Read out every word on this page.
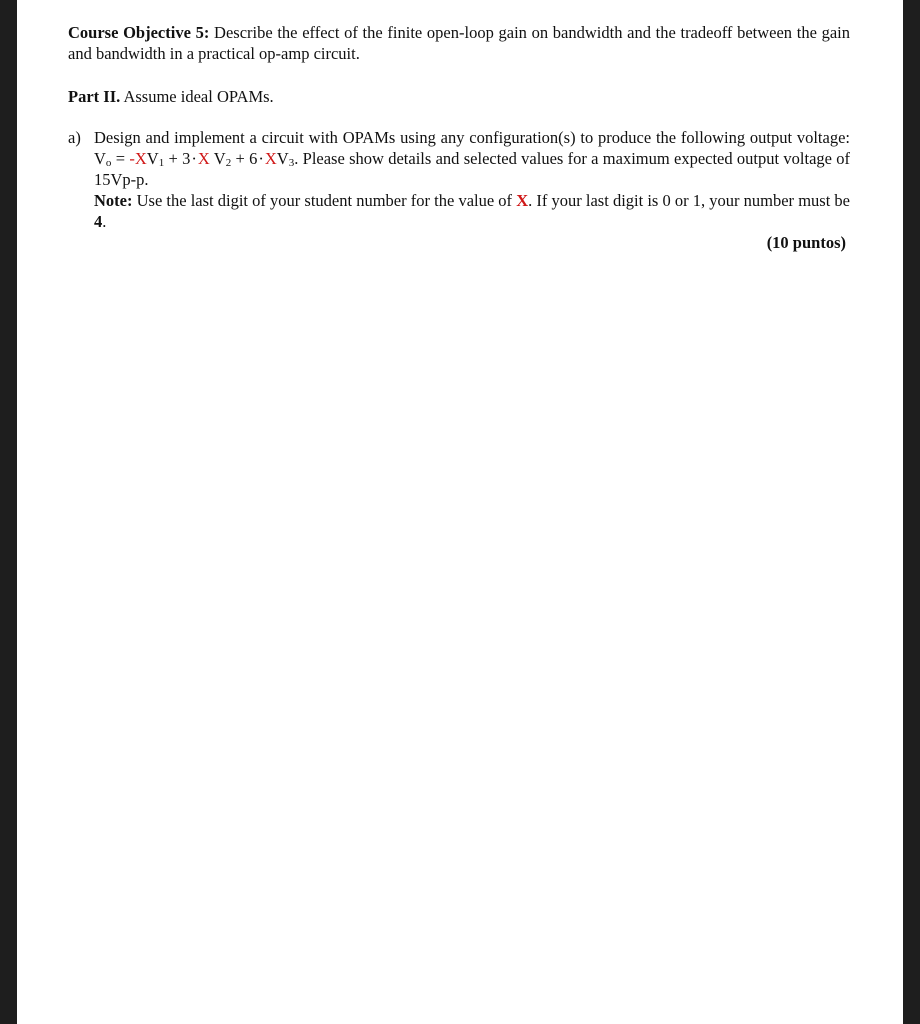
Course Objective 5: Describe the effect of the finite open-loop gain on bandwidth and the tradeoff between the gain and bandwidth in a practical op-amp circuit.

Part II. Assume ideal OPAMs.

a) Design and implement a circuit with OPAMs using any configuration(s) to produce the following output voltage: $V_o = -XV_1 + 3\cdot X$ $V_2 + 6\cdot XV_3$. Please show details and selected values for a maximum expected output voltage of 15Vp-p.
Note: Use the last digit of your student number for the value of X. If your last digit is 0 or 1, your number must be 4.
(10 puntos)
